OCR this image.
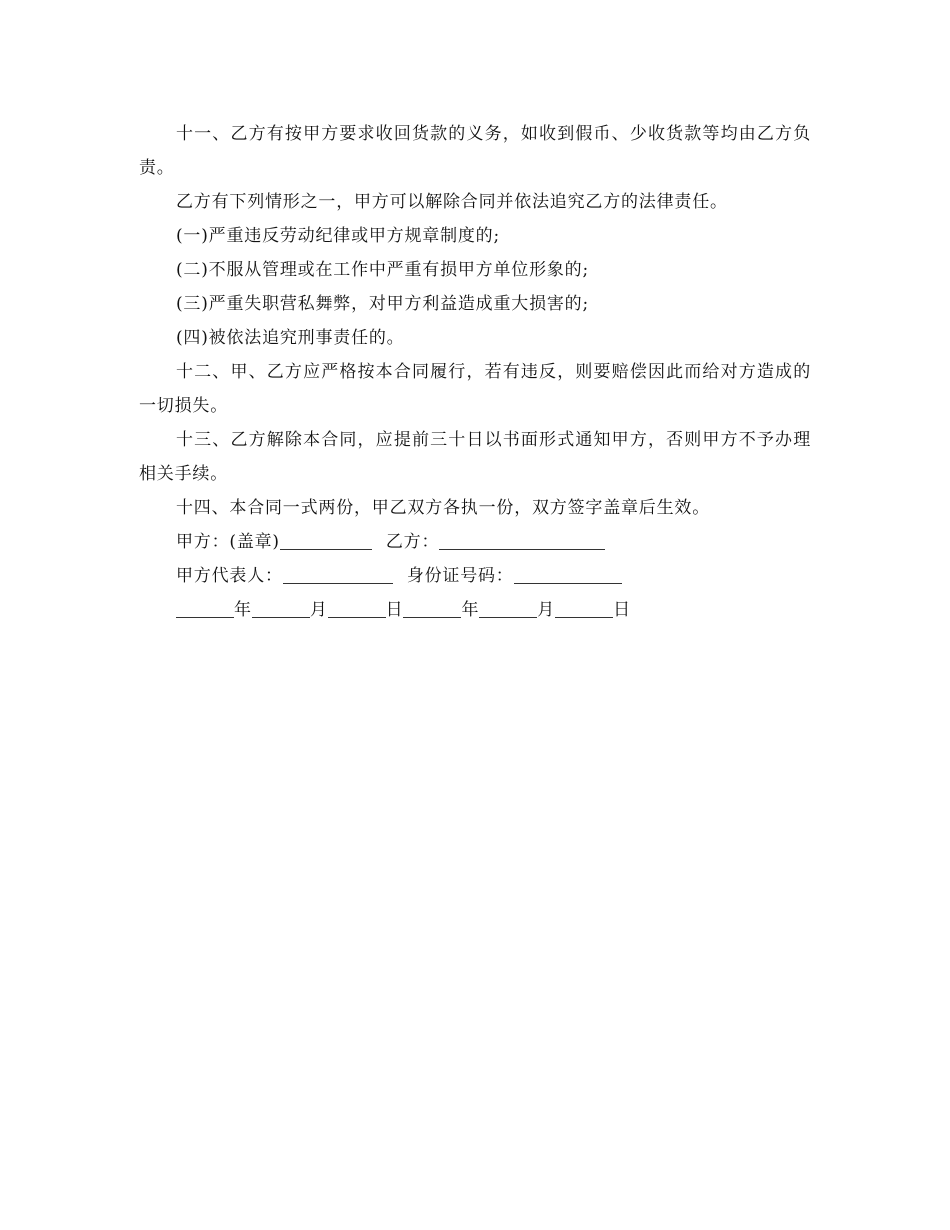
十一、乙方有按甲方要求收回货款的义务，如收到假币、少收货款等均由乙方负责。

乙方有下列情形之一，甲方可以解除合同并依法追究乙方的法律责任。

(一)严重违反劳动纪律或甲方规章制度的;

(二)不服从管理或在工作中严重有损甲方单位形象的;

(三)严重失职营私舞弊，对甲方利益造成重大损害的;

(四)被依法追究刑事责任的。

十二、甲、乙方应严格按本合同履行，若有违反，则要赔偿因此而给对方造成的一切损失。

十三、乙方解除本合同，应提前三十日以书面形式通知甲方，否则甲方不予办理相关手续。

十四、本合同一式两份，甲乙双方各执一份，双方签字盖章后生效。

甲方：(盖章)	乙方：
甲方代表人：	身份证号码：
年	月	日	年	月	日
